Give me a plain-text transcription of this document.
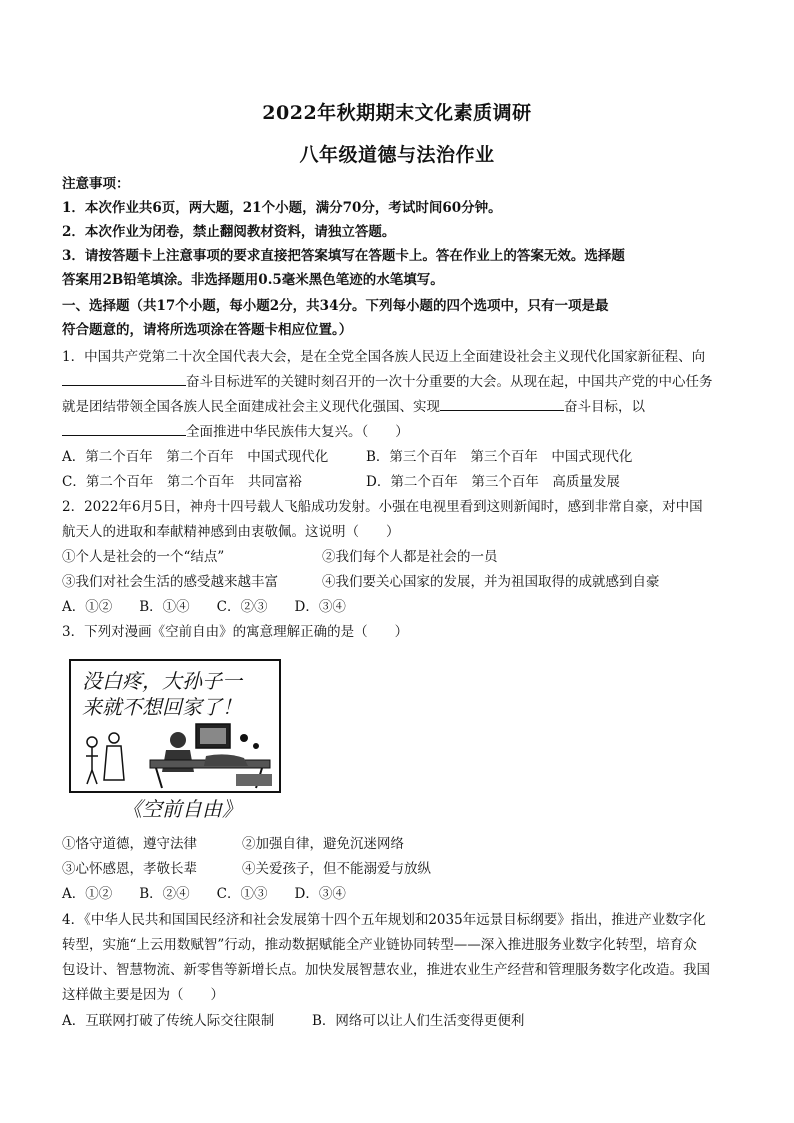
2022年秋期期末文化素质调研
八年级道德与法治作业
注意事项：
1．本次作业共6页，两大题，21个小题，满分70分，考试时间60分钟。
2．本次作业为闭卷，禁止翻阅教材资料，请独立答题。
3．请按答题卡上注意事项的要求直接把答案填写在答题卡上。答在作业上的答案无效。选择题
答案用2B铅笔填涂。非选择题用0.5毫米黑色笔迹的水笔填写。
一、选择题（共17个小题，每小题2分，共34分。下列每小题的四个选项中，只有一项是最
符合题意的，请将所选项涂在答题卡相应位置。）
1．中国共产党第二十次全国代表大会，是在全党全国各族人民迈上全面建设社会主义现代化国家新征程、向
奋斗目标进军的关键时刻召开的一次十分重要的大会。从现在起，中国共产党的中心任务
就是团结带领全国各族人民全面建成社会主义现代化强国、实现	奋斗目标，以
全面推进中华民族伟大复兴。（　　）
A．第二个百年　第二个百年　中国式现代化	B．第三个百年　第三个百年　中国式现代化
C．第二个百年　第二个百年　共同富裕	D．第二个百年　第三个百年　高质量发展
2．2022年6月5日，神舟十四号载人飞船成功发射。小强在电视里看到这则新闻时，感到非常自豪，对中国
航天人的进取和奉献精神感到由衷敬佩。这说明（　　）
①个人是社会的一个“结点”	②我们每个人都是社会的一员
③我们对社会生活的感受越来越丰富	④我们要关心国家的发展，并为祖国取得的成就感到自豪
A．①②　　B．①④　　C．②③　　D．③④
3．下列对漫画《空前自由》的寓意理解正确的是（　　）
没白疼，大孙子一
来就不想回家了！
《空前自由》
①恪守道德，遵守法律	②加强自律，避免沉迷网络
③心怀感恩，孝敬长辈	④关爱孩子，但不能溺爱与放纵
A．①②　　B．②④　　C．①③　　D．③④
4．《中华人民共和国国民经济和社会发展第十四个五年规划和2035年远景目标纲要》指出，推进产业数字化
转型，实施“上云用数赋智”行动，推动数据赋能全产业链协同转型——深入推进服务业数字化转型，培育众
包设计、智慧物流、新零售等新增长点。加快发展智慧农业，推进农业生产经营和管理服务数字化改造。我国
这样做主要是因为（　　）
A．互联网打破了传统人际交往限制	B．网络可以让人们生活变得更便利
